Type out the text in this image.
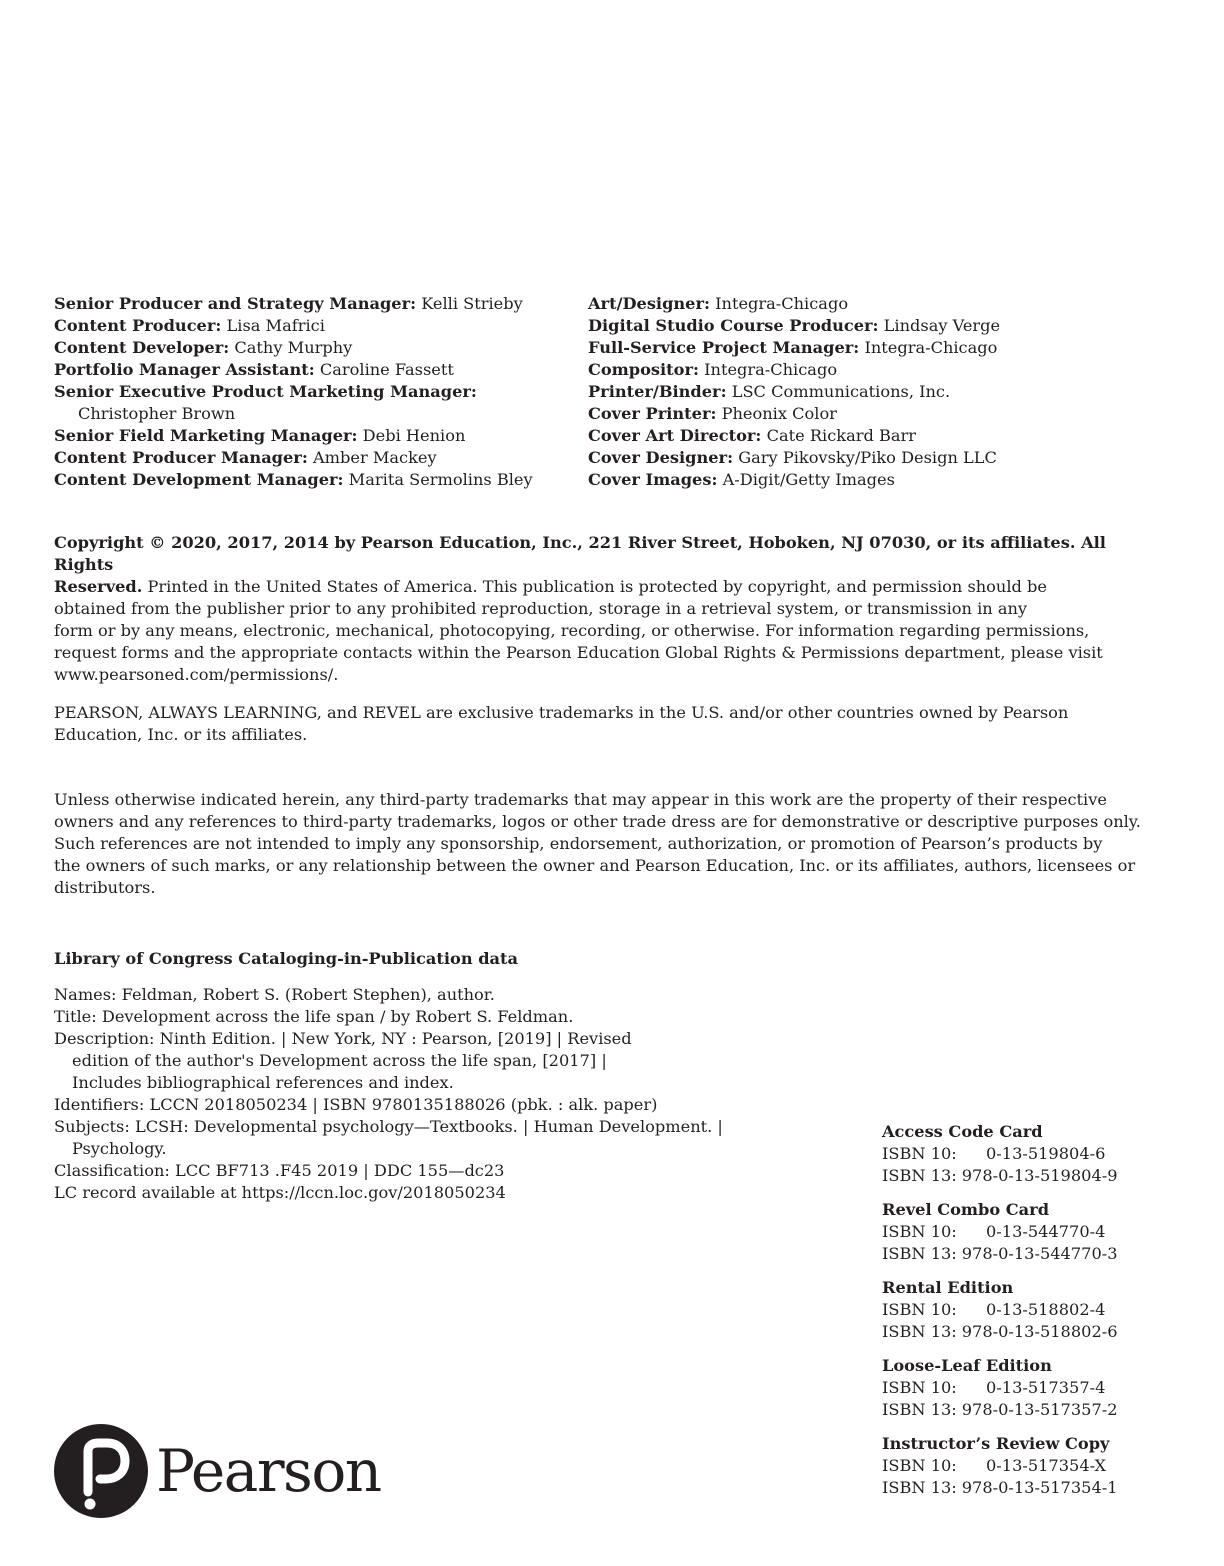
Senior Producer and Strategy Manager: Kelli Strieby
Content Producer: Lisa Mafrici
Content Developer: Cathy Murphy
Portfolio Manager Assistant: Caroline Fassett
Senior Executive Product Marketing Manager:
Christopher Brown
Senior Field Marketing Manager: Debi Henion
Content Producer Manager: Amber Mackey
Content Development Manager: Marita Sermolins Bley
Art/Designer: Integra-Chicago
Digital Studio Course Producer: Lindsay Verge
Full-Service Project Manager: Integra-Chicago
Compositor: Integra-Chicago
Printer/Binder: LSC Communications, Inc.
Cover Printer: Pheonix Color
Cover Art Director: Cate Rickard Barr
Cover Designer: Gary Pikovsky/Piko Design LLC
Cover Images: A-Digit/Getty Images
Copyright © 2020, 2017, 2014 by Pearson Education, Inc., 221 River Street, Hoboken, NJ 07030, or its affiliates. All Rights
Reserved. Printed in the United States of America. This publication is protected by copyright, and permission should be
obtained from the publisher prior to any prohibited reproduction, storage in a retrieval system, or transmission in any
form or by any means, electronic, mechanical, photocopying, recording, or otherwise. For information regarding permissions,
request forms and the appropriate contacts within the Pearson Education Global Rights & Permissions department, please visit
www.pearsoned.com/permissions/.
PEARSON, ALWAYS LEARNING, and REVEL are exclusive trademarks in the U.S. and/or other countries owned by Pearson
Education, Inc. or its affiliates.
Unless otherwise indicated herein, any third-party trademarks that may appear in this work are the property of their respective
owners and any references to third-party trademarks, logos or other trade dress are for demonstrative or descriptive purposes only.
Such references are not intended to imply any sponsorship, endorsement, authorization, or promotion of Pearson’s products by
the owners of such marks, or any relationship between the owner and Pearson Education, Inc. or its affiliates, authors, licensees or
distributors.
Library of Congress Cataloging-in-Publication data
Names: Feldman, Robert S. (Robert Stephen), author.
Title: Development across the life span / by Robert S. Feldman.
Description: Ninth Edition. | New York, NY : Pearson, [2019] | Revised
edition of the author's Development across the life span, [2017] |
Includes bibliographical references and index.
Identifiers: LCCN 2018050234 | ISBN 9780135188026 (pbk. : alk. paper)
Subjects: LCSH: Developmental psychology—Textbooks. | Human Development. |
Psychology.
Classification: LCC BF713 .F45 2019 | DDC 155—dc23
LC record available at https://lccn.loc.gov/2018050234
Access Code Card
ISBN 10:	0-13-519804-6
ISBN 13: 978-0-13-519804-9
Revel Combo Card
ISBN 10:	0-13-544770-4
ISBN 13: 978-0-13-544770-3
Rental Edition
ISBN 10:	0-13-518802-4
ISBN 13: 978-0-13-518802-6
Loose-Leaf Edition
ISBN 10:	0-13-517357-4
ISBN 13: 978-0-13-517357-2
Instructor’s Review Copy
ISBN 10:	0-13-517354-X
ISBN 13: 978-0-13-517354-1
Pearson
